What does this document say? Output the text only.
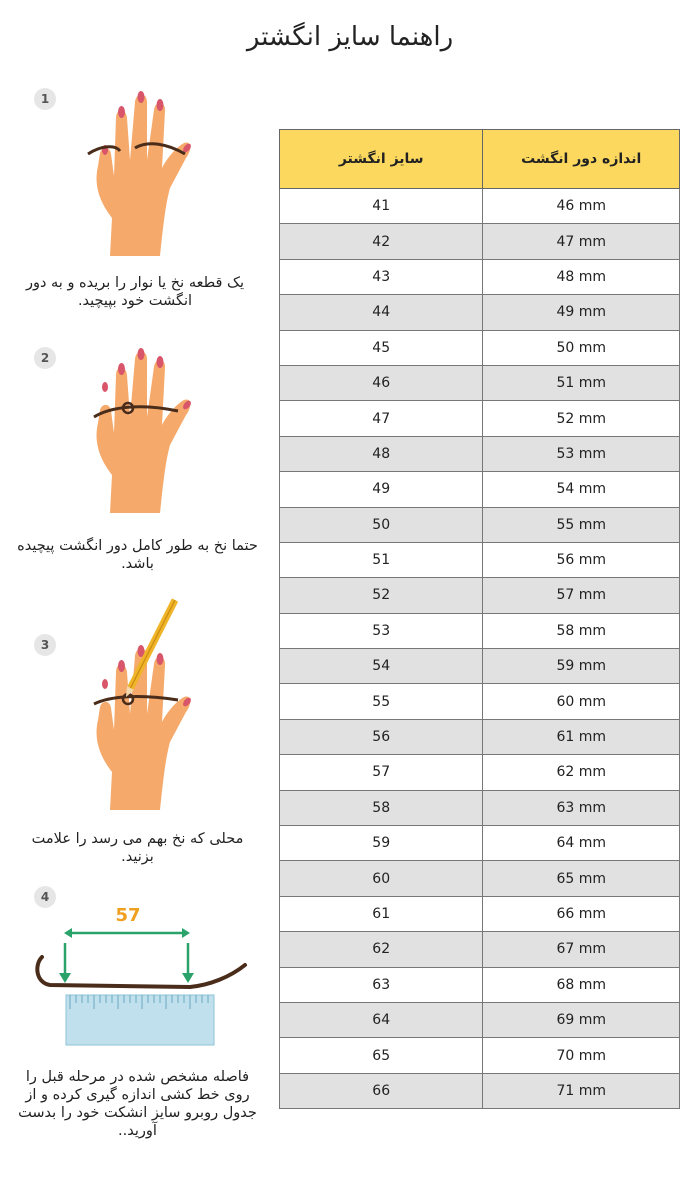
راهنما سایز انگشتر
1
یک قطعه نخ یا نوار را بریده و به دور انگشت خود بپیچید.
2
حتما نخ به طور کامل دور انگشت پیچیده باشد.
3
محلی که نخ بهم می رسد را علامت بزنید.
4
57
فاصله مشخص شده در مرحله قبل را روی خط کشی اندازه گیری کرده و از جدول روبرو سایز انشکت خود را بدست آورید..
سایز انگشتر	اندازه دور انگشت
41	46 mm
42	47 mm
43	48 mm
44	49 mm
45	50 mm
46	51 mm
47	52 mm
48	53 mm
49	54 mm
50	55 mm
51	56 mm
52	57 mm
53	58 mm
54	59 mm
55	60 mm
56	61 mm
57	62 mm
58	63 mm
59	64 mm
60	65 mm
61	66 mm
62	67 mm
63	68 mm
64	69 mm
65	70 mm
66	71 mm
